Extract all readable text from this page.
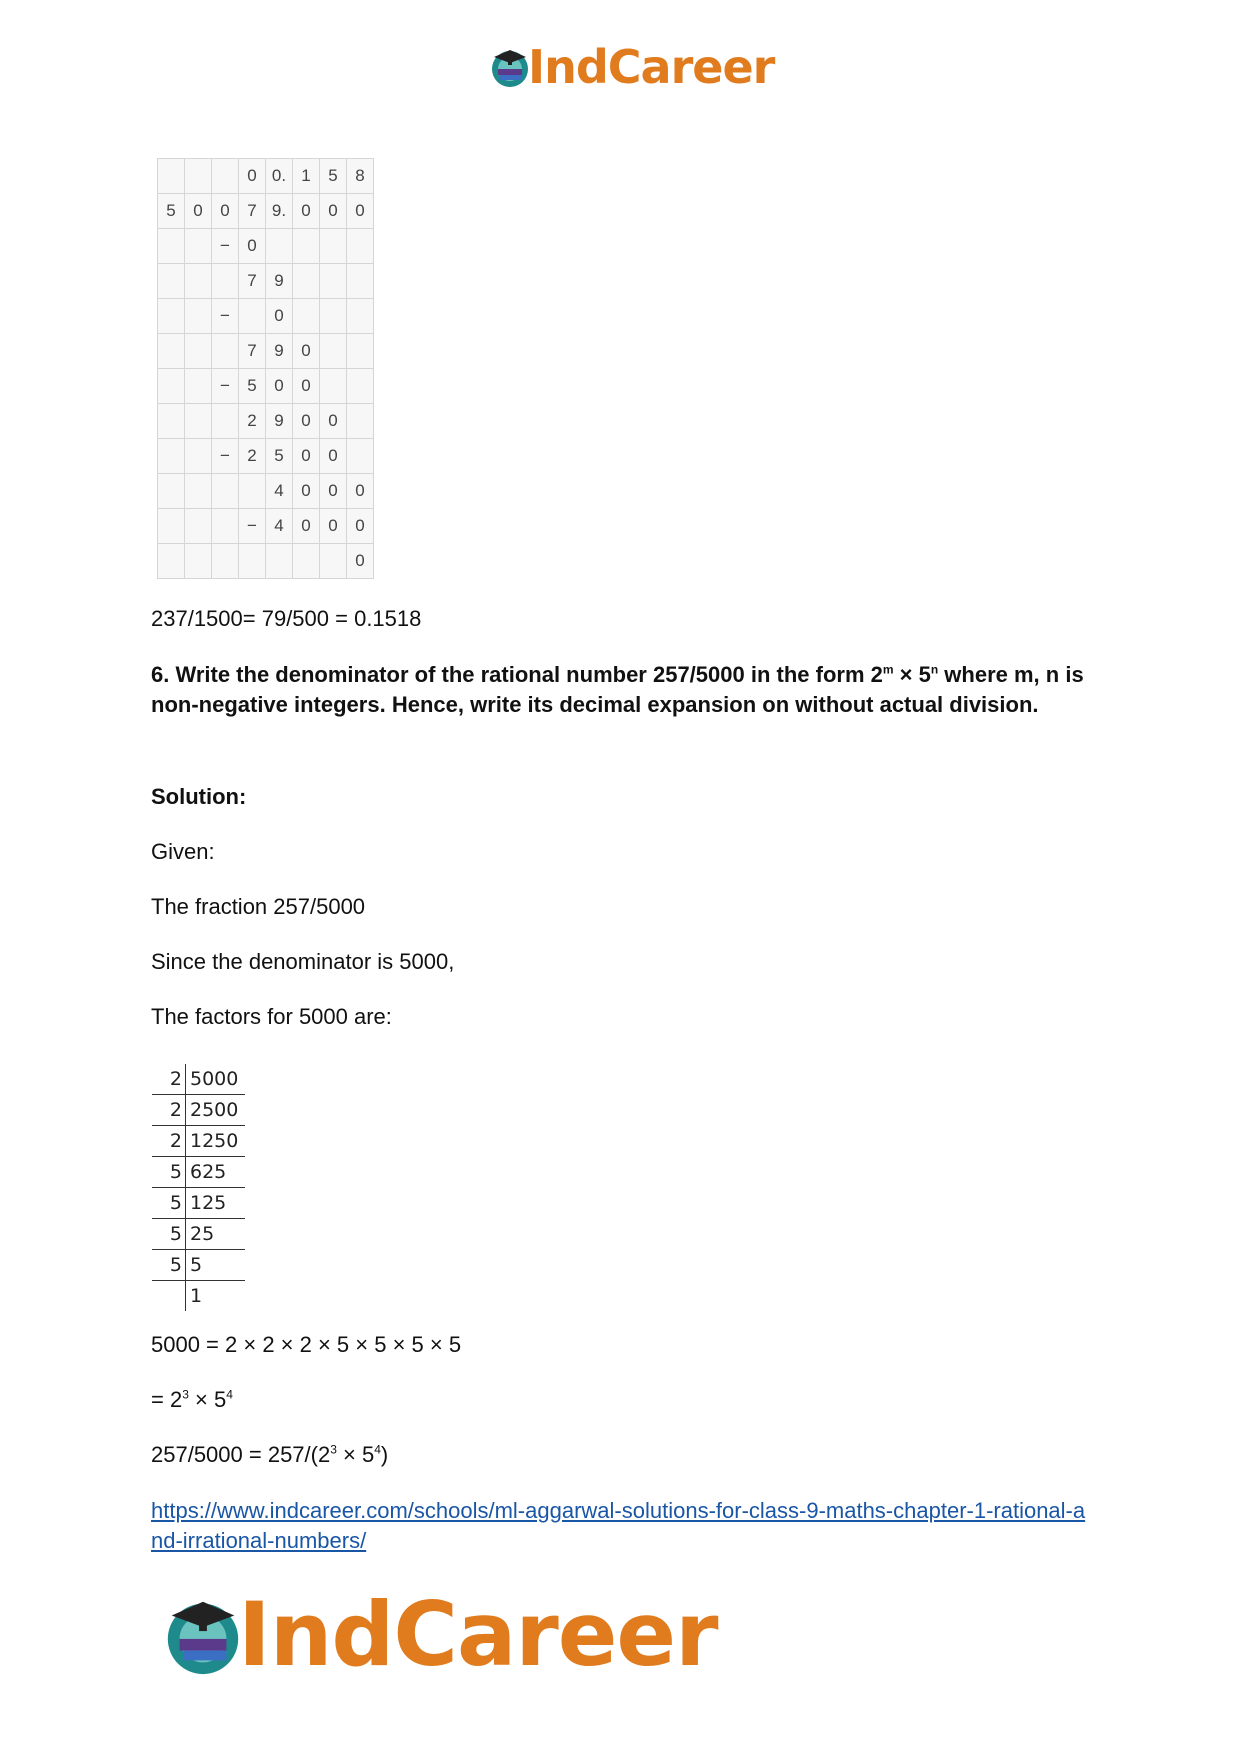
IndCareer
			0	0.	1	5	8
5	0	0	7	9.	0	0	0
		−	0				
			7	9			
		−		0			
			7	9	0		
		−	5	0	0		
			2	9	0	0	
		−	2	5	0	0	
				4	0	0	0
			−	4	0	0	0
							0
237/1500= 79/500 = 0.1518
6. Write the denominator of the rational number 257/5000 in the form $2^m \times 5^n$ where m, n is non-negative integers. Hence, write its decimal expansion on without actual division.
Solution:
Given:
The fraction 257/5000
Since the denominator is 5000,
The factors for 5000 are:
2	5000
2	2500
2	1250
5	625
5	125
5	25
5	5
	1
5000 = 2 × 2 × 2 × 5 × 5 × 5 × 5
= $2^3 \times 5^4$
$257/5000 = 257/(2^3 \times 5^4)$
https://www.indcareer.com/schools/ml-aggarwal-solutions-for-class-9-maths-chapter-1-rational-and-irrational-numbers/
IndCareer
